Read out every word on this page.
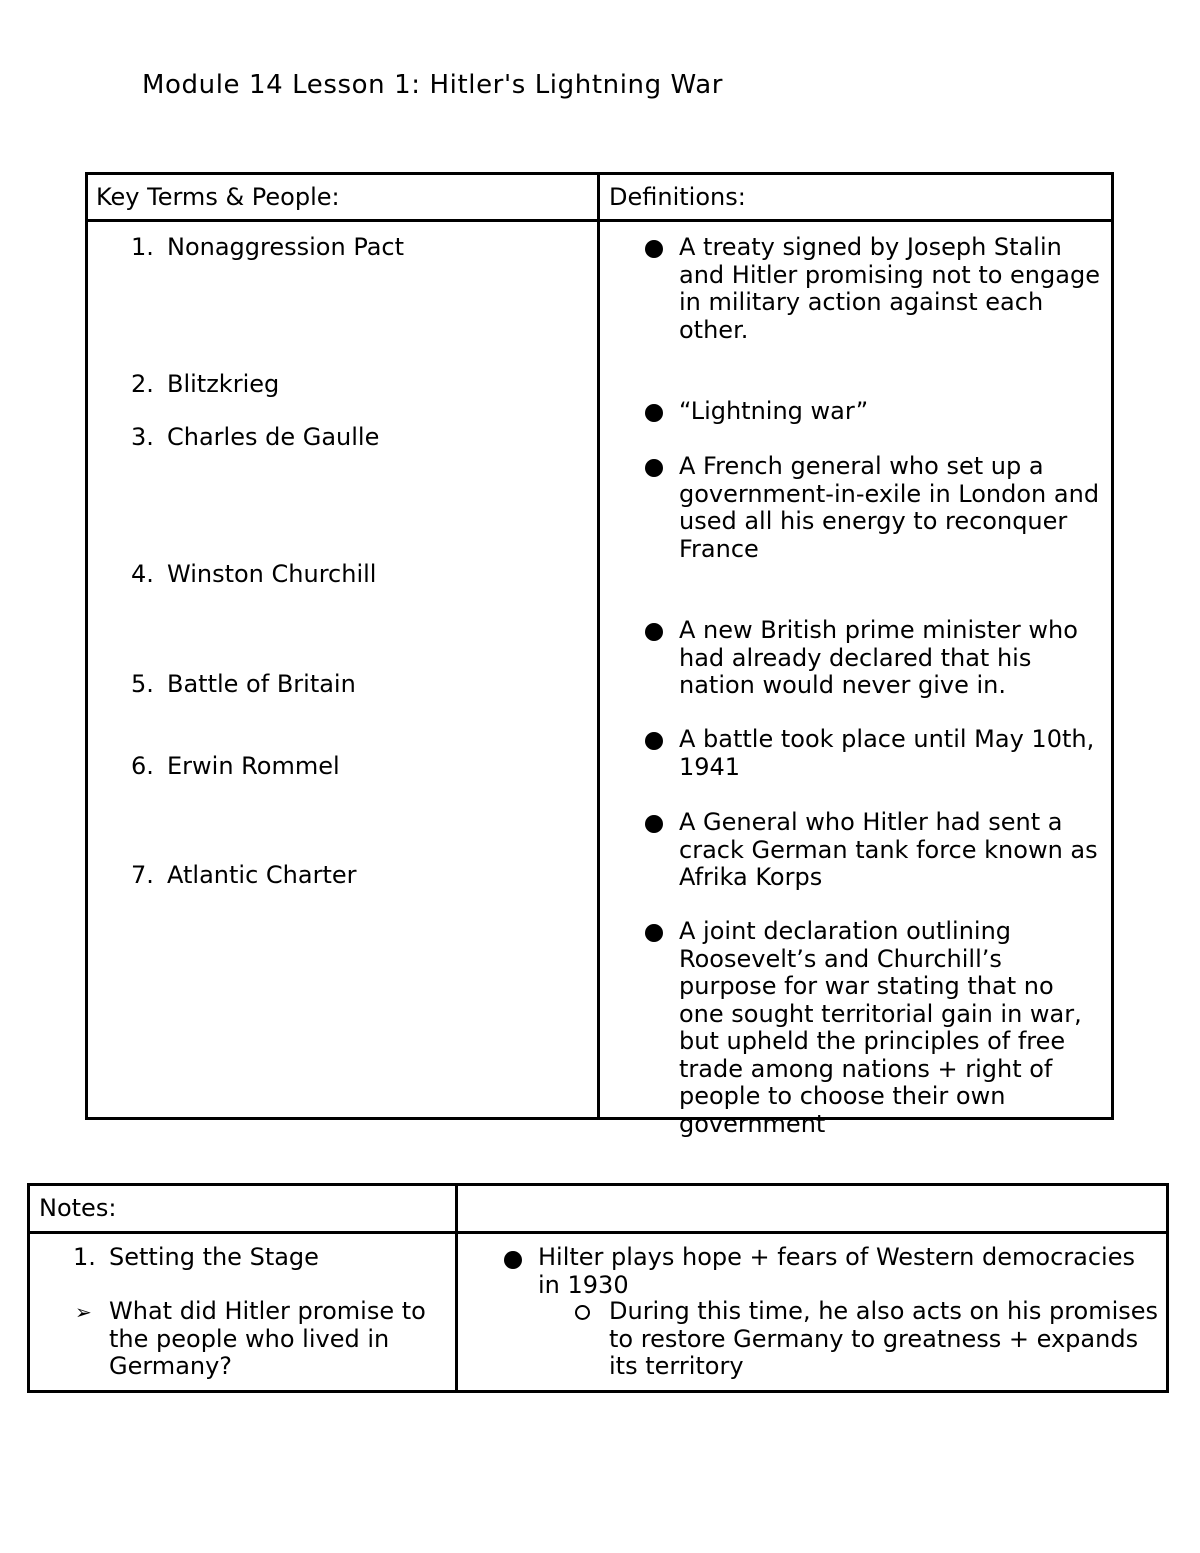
Module 14 Lesson 1: Hitler's Lightning War
Key Terms & People:	Definitions:
1. Nonaggression Pact
2. Blitzkrieg
3. Charles de Gaulle
4. Winston Churchill
5. Battle of Britain
6. Erwin Rommel
7. Atlantic Charter
A treaty signed by Joseph Stalin and Hitler promising not to engage in military action against each other.
“Lightning war”
A French general who set up a government-in-exile in London and used all his energy to reconquer France
A new British prime minister who had already declared that his nation would never give in.
A battle took place until May 10th, 1941
A General who Hitler had sent a crack German tank force known as Afrika Korps
A joint declaration outlining Roosevelt’s and Churchill’s purpose for war stating that no one sought territorial gain in war, but upheld the principles of free trade among nations + right of people to choose their own government
Notes:
1. Setting the Stage
➢ What did Hitler promise to the people who lived in Germany?
Hilter plays hope + fears of Western democracies in 1930
During this time, he also acts on his promises to restore Germany to greatness + expands its territory
